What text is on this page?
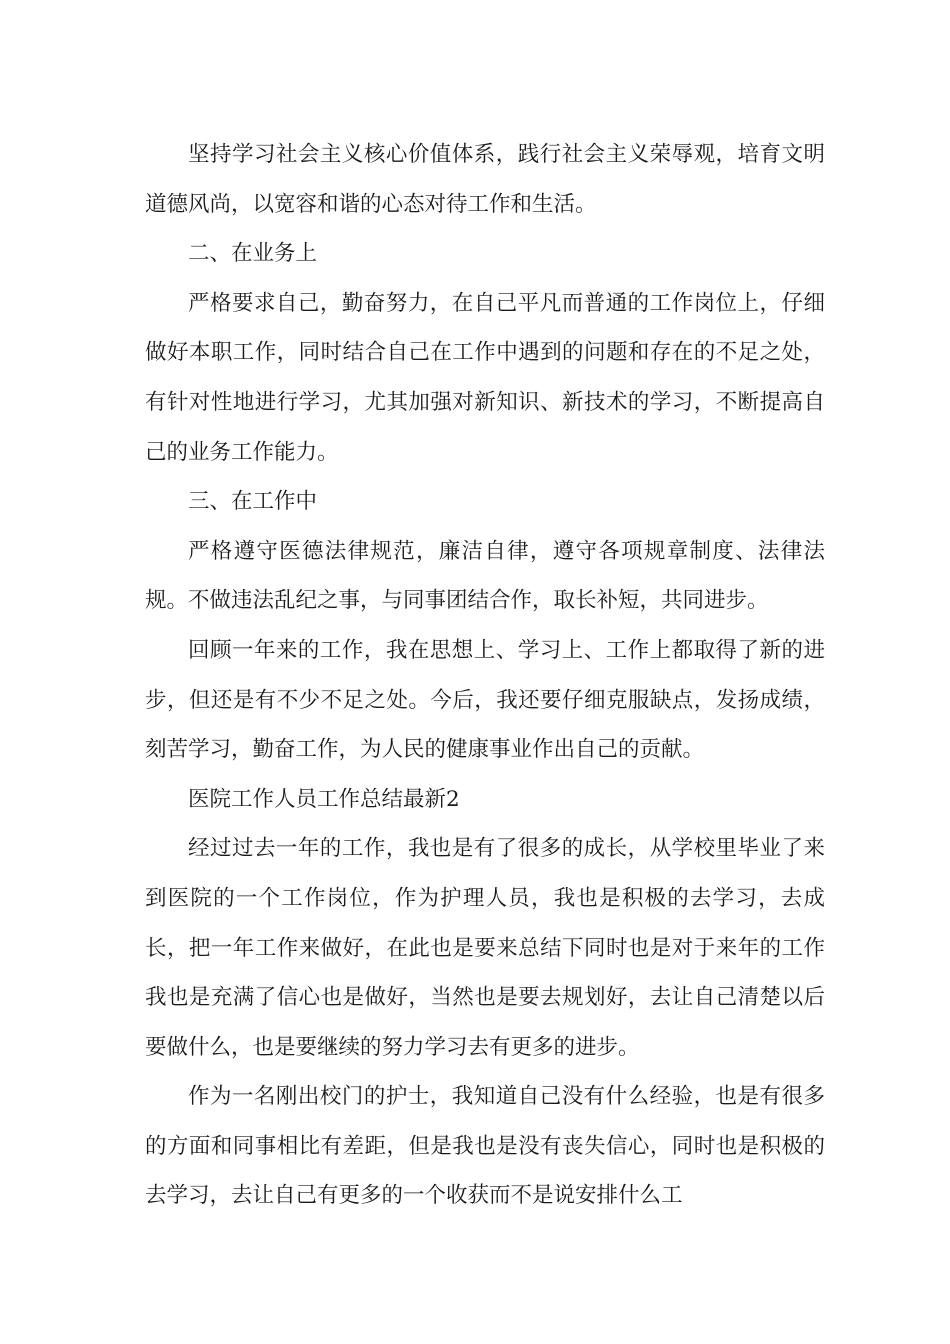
坚持学习社会主义核心价值体系，践行社会主义荣辱观，培育文明道德风尚，以宽容和谐的心态对待工作和生活。

二、在业务上

严格要求自己，勤奋努力，在自己平凡而普通的工作岗位上，仔细做好本职工作，同时结合自己在工作中遇到的问题和存在的不足之处，有针对性地进行学习，尤其加强对新知识、新技术的学习，不断提高自己的业务工作能力。

三、在工作中

严格遵守医德法律规范，廉洁自律，遵守各项规章制度、法律法规。不做违法乱纪之事，与同事团结合作，取长补短，共同进步。

回顾一年来的工作，我在思想上、学习上、工作上都取得了新的进步，但还是有不少不足之处。今后，我还要仔细克服缺点，发扬成绩，刻苦学习，勤奋工作，为人民的健康事业作出自己的贡献。

医院工作人员工作总结最新2

经过过去一年的工作，我也是有了很多的成长，从学校里毕业了来到医院的一个工作岗位，作为护理人员，我也是积极的去学习，去成长，把一年工作来做好，在此也是要来总结下同时也是对于来年的工作我也是充满了信心也是做好，当然也是要去规划好，去让自己清楚以后要做什么，也是要继续的努力学习去有更多的进步。

作为一名刚出校门的护士，我知道自己没有什么经验，也是有很多的方面和同事相比有差距，但是我也是没有丧失信心，同时也是积极的去学习，去让自己有更多的一个收获而不是说安排什么工
